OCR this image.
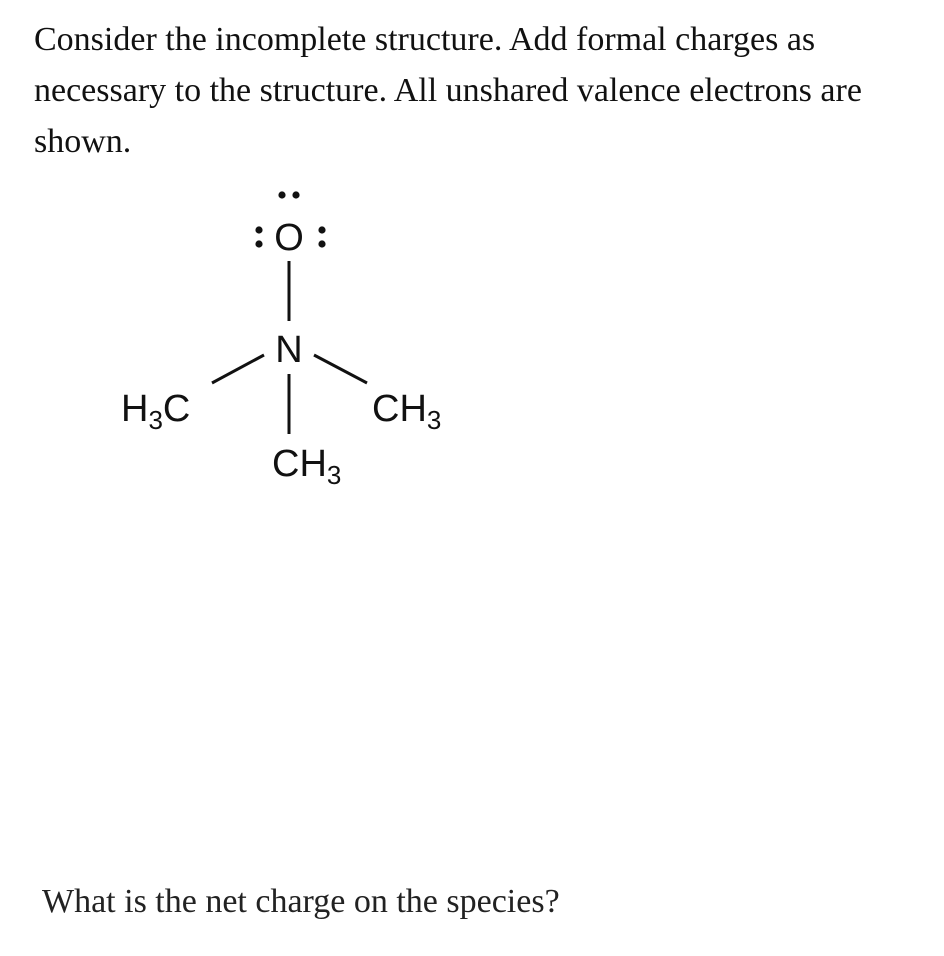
Consider the incomplete structure. Add formal charges as necessary to the structure. All unshared valence electrons are shown.

O
N
$H_3C$	$CH_3$
$CH_3$

What is the net charge on the species?
